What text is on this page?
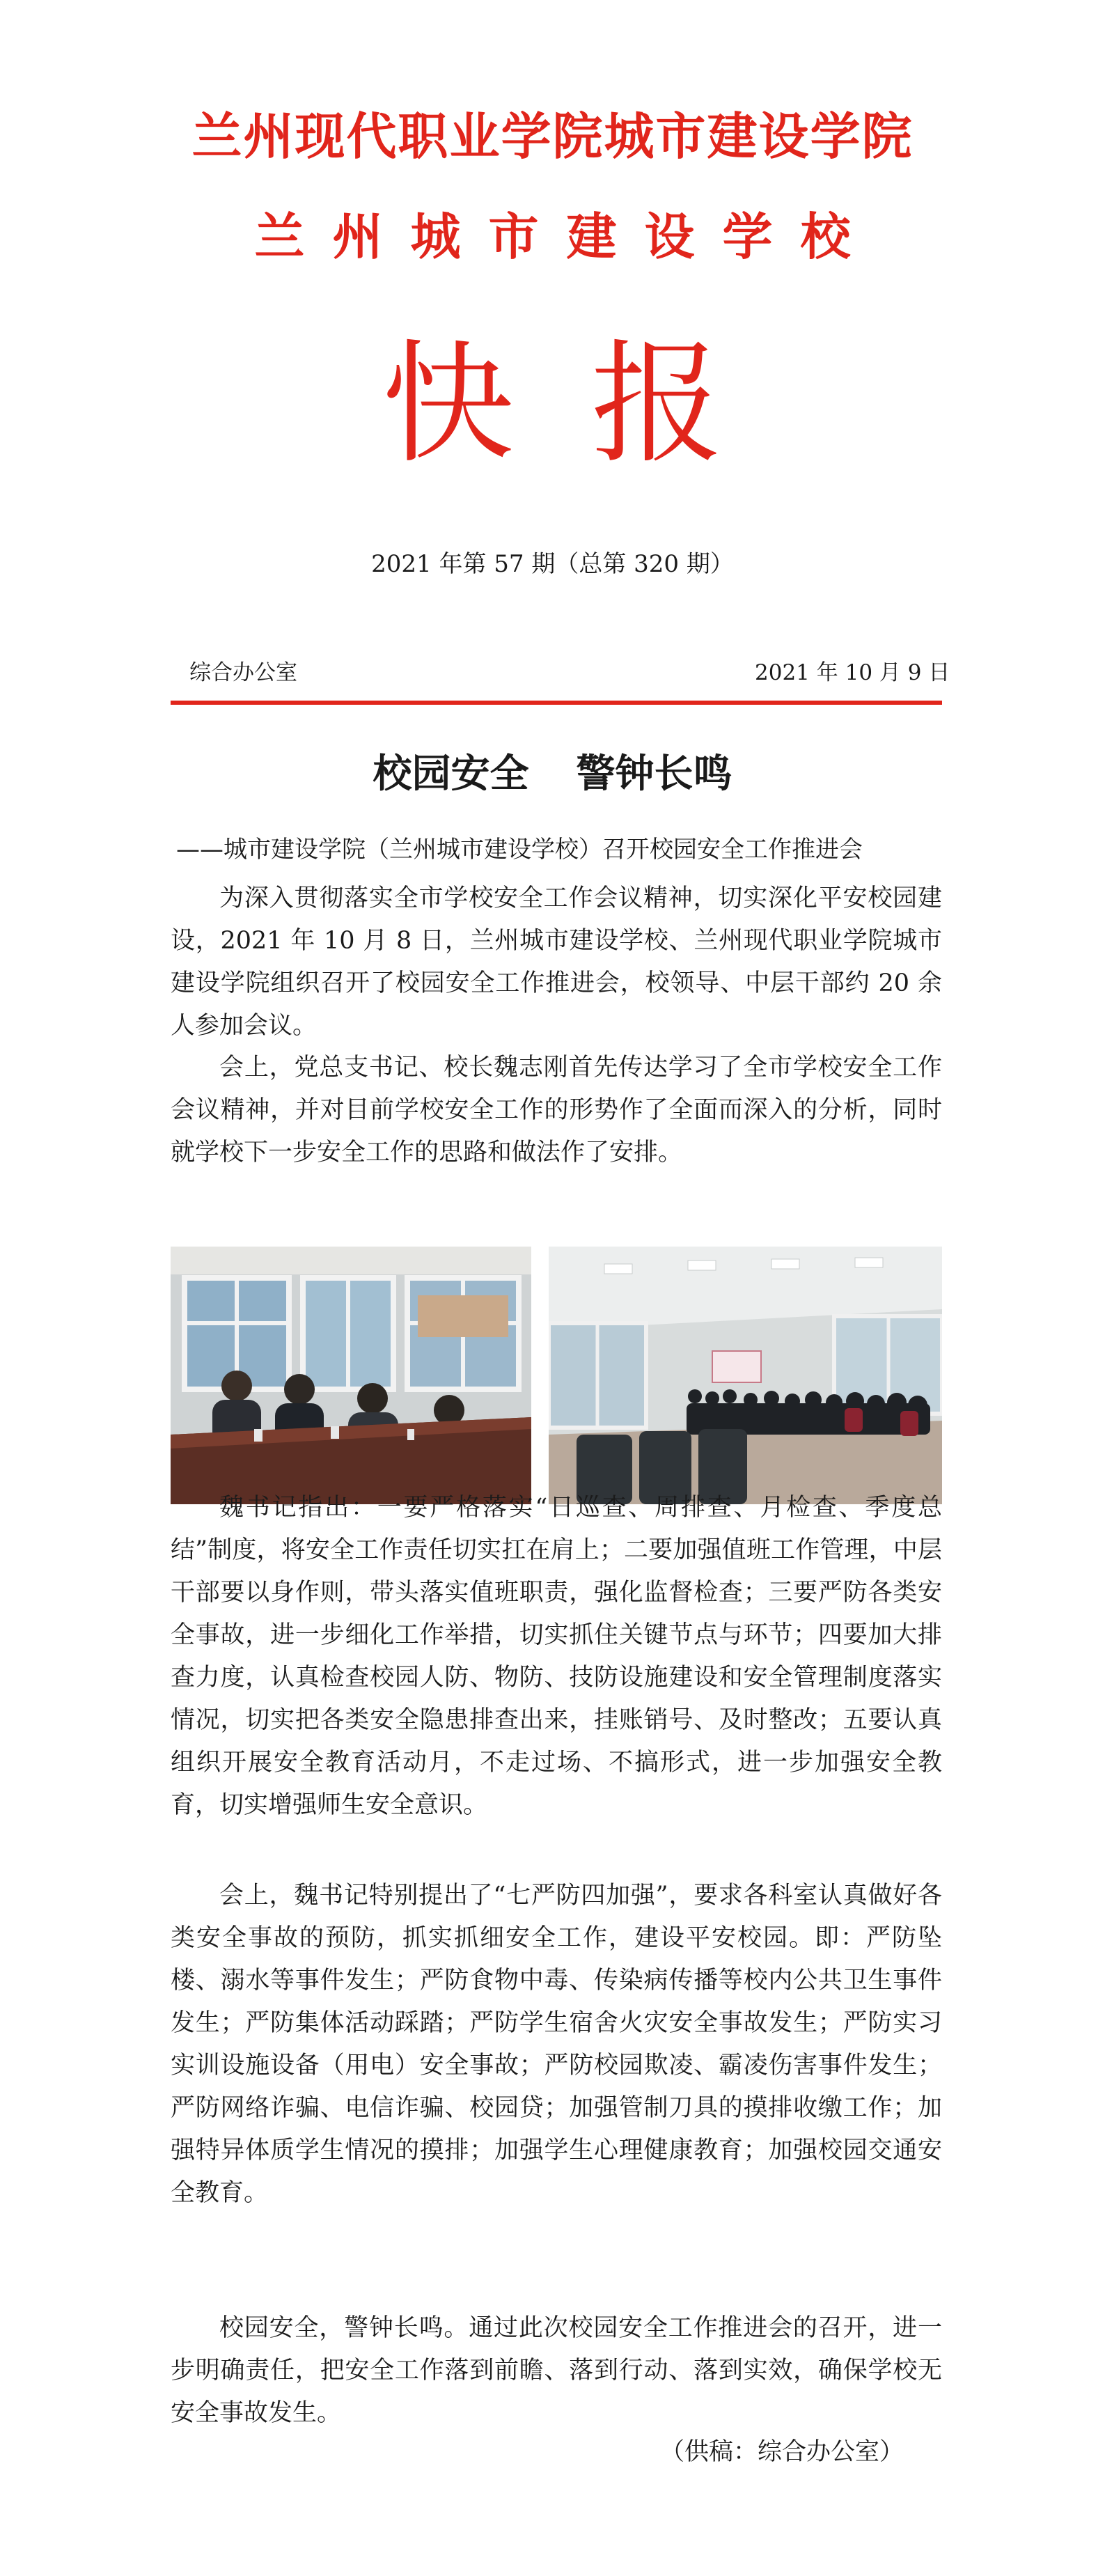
兰州现代职业学院城市建设学院
兰州城市建设学校
快报
2021 年第 57 期（总第 320 期）
综合办公室	2021 年 10 月 9 日
校园安全 警钟长鸣
——城市建设学院（兰州城市建设学校）召开校园安全工作推进会

为深入贯彻落实全市学校安全工作会议精神，切实深化平安校园建设，2021 年 10 月 8 日，兰州城市建设学校、兰州现代职业学院城市建设学院组织召开了校园安全工作推进会，校领导、中层干部约 20 余人参加会议。

会上，党总支书记、校长魏志刚首先传达学习了全市学校安全工作会议精神，并对目前学校安全工作的形势作了全面而深入的分析，同时就学校下一步安全工作的思路和做法作了安排。

魏书记指出：一要严格落实“日巡查、周排查、月检查、季度总结”制度，将安全工作责任切实扛在肩上；二要加强值班工作管理，中层干部要以身作则，带头落实值班职责，强化监督检查；三要严防各类安全事故，进一步细化工作举措，切实抓住关键节点与环节；四要加大排查力度，认真检查校园人防、物防、技防设施建设和安全管理制度落实情况，切实把各类安全隐患排查出来，挂账销号、及时整改；五要认真组织开展安全教育活动月，不走过场、不搞形式，进一步加强安全教育，切实增强师生安全意识。

会上，魏书记特别提出了“七严防四加强”，要求各科室认真做好各类安全事故的预防，抓实抓细安全工作，建设平安校园。即：严防坠楼、溺水等事件发生；严防食物中毒、传染病传播等校内公共卫生事件发生；严防集体活动踩踏；严防学生宿舍火灾安全事故发生；严防实习实训设施设备（用电）安全事故；严防校园欺凌、霸凌伤害事件发生；严防网络诈骗、电信诈骗、校园贷；加强管制刀具的摸排收缴工作；加强特异体质学生情况的摸排；加强学生心理健康教育；加强校园交通安全教育。

校园安全，警钟长鸣。通过此次校园安全工作推进会的召开，进一步明确责任，把安全工作落到前瞻、落到行动、落到实效，确保学校无安全事故发生。

（供稿：综合办公室）
